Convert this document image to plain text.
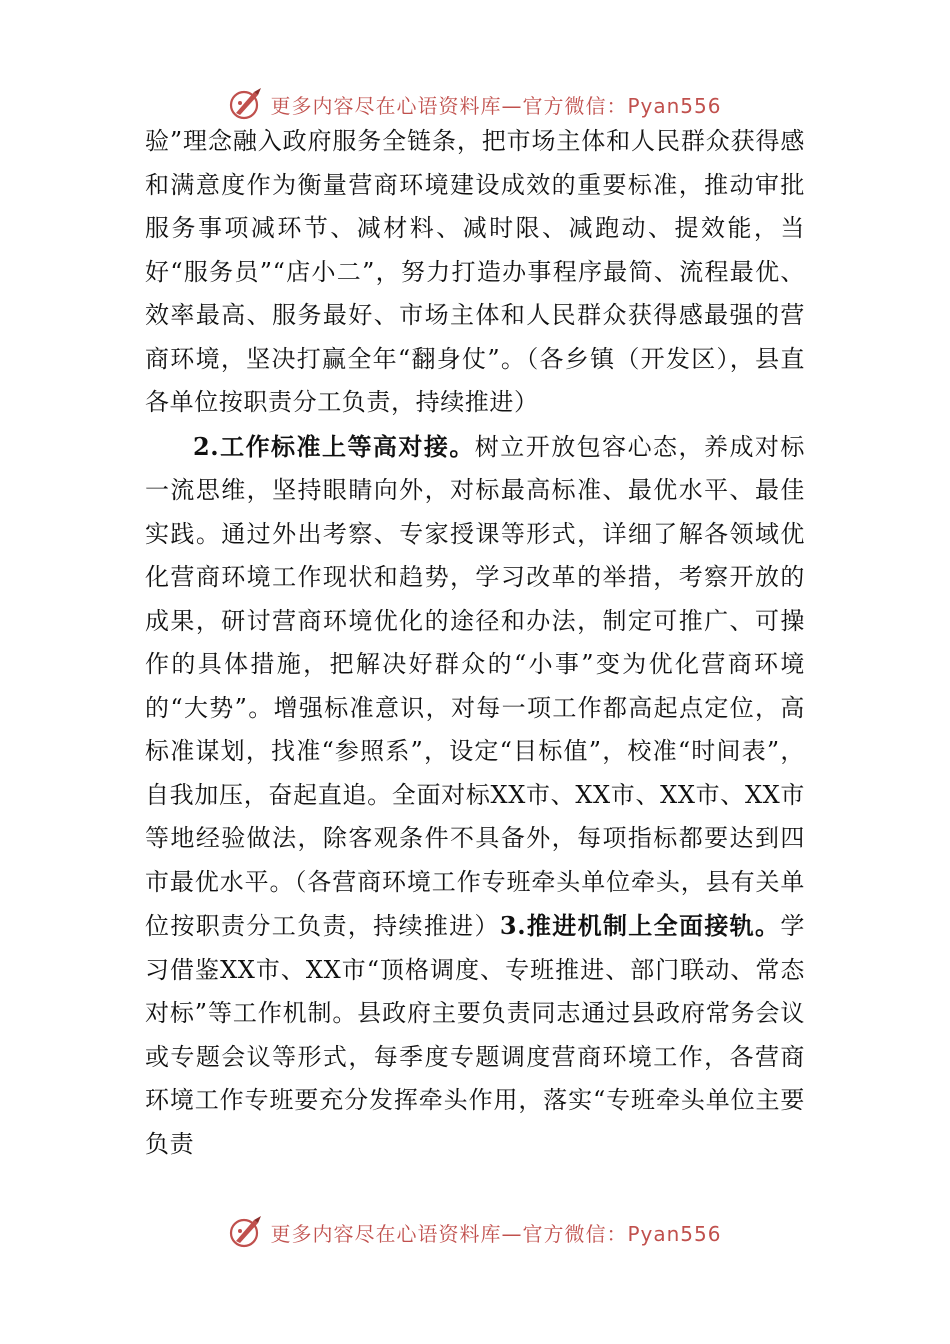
更多内容尽在心语资料库—官方微信：Pyan556

验”理念融入政府服务全链条，把市场主体和人民群众获得感和满意度作为衡量营商环境建设成效的重要标准，推动审批服务事项减环节、减材料、减时限、减跑动、提效能，当好“服务员”“店小二”，努力打造办事程序最简、流程最优、效率最高、服务最好、市场主体和人民群众获得感最强的营商环境，坚决打赢全年“翻身仗”。（各乡镇（开发区），县直各单位按职责分工负责，持续推进）

2.工作标准上等高对接。树立开放包容心态，养成对标一流思维，坚持眼睛向外，对标最高标准、最优水平、最佳实践。通过外出考察、专家授课等形式，详细了解各领域优化营商环境工作现状和趋势，学习改革的举措，考察开放的成果，研讨营商环境优化的途径和办法，制定可推广、可操作的具体措施，把解决好群众的“小事”变为优化营商环境的“大势”。增强标准意识，对每一项工作都高起点定位，高标准谋划，找准“参照系”，设定“目标值”，校准“时间表”，自我加压，奋起直追。全面对标XX市、XX市、XX市、XX市等地经验做法，除客观条件不具备外，每项指标都要达到四市最优水平。（各营商环境工作专班牵头单位牵头，县有关单位按职责分工负责，持续推进）3.推进机制上全面接轨。学习借鉴XX市、XX市“顶格调度、专班推进、部门联动、常态对标”等工作机制。县政府主要负责同志通过县政府常务会议或专题会议等形式，每季度专题调度营商环境工作，各营商环境工作专班要充分发挥牵头作用，落实“专班牵头单位主要负责

更多内容尽在心语资料库—官方微信：Pyan556
